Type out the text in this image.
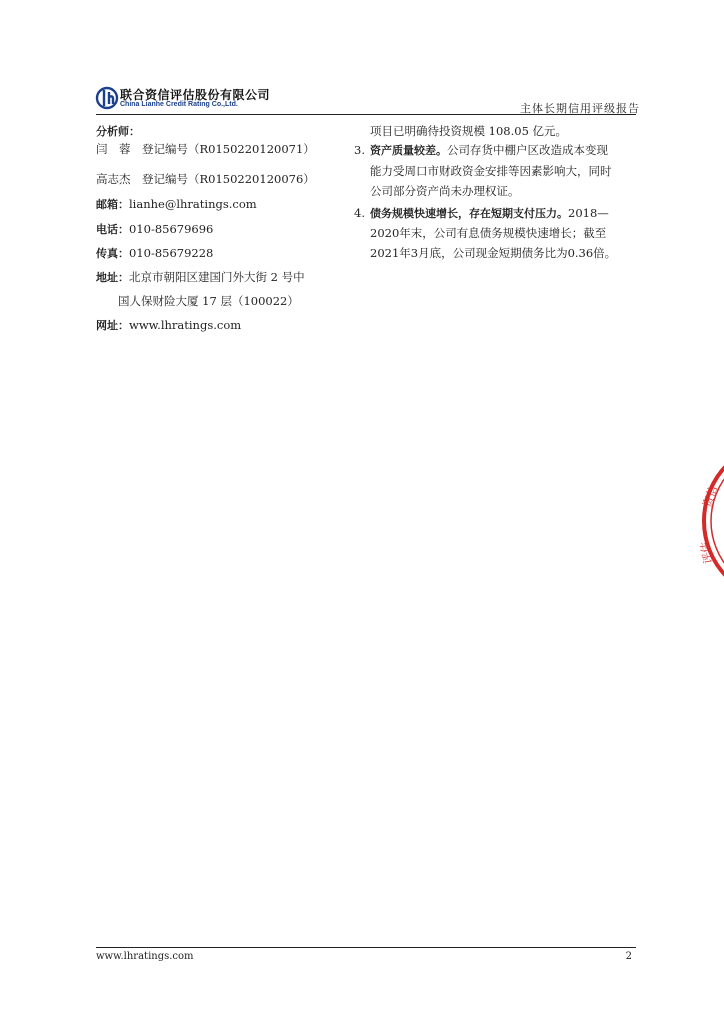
联合资信评估股份有限公司
China Lianhe Credit Rating Co.,Ltd.	主体长期信用评级报告
分析师：
闫　蓉　登记编号（R0150220120071）
高志杰　登记编号（R0150220120076）
邮箱：lianhe@lhratings.com
电话：010-85679696
传真：010-85679228
地址：北京市朝阳区建国门外大街 2 号中
国人保财险大厦 17 层（100022）
网址：www.lhratings.com
项目已明确待投资规模 108.05 亿元。
3. 资产质量较差。公司存货中棚户区改造成本变现
能力受周口市财政资金安排等因素影响大，同时
公司部分资产尚未办理权证。
4. 债务规模快速增长，存在短期支付压力。2018—
2020年末，公司有息债务规模快速增长；截至
2021年3月底，公司现金短期债务比为0.36倍。
资信
评估
www.lhratings.com	2
